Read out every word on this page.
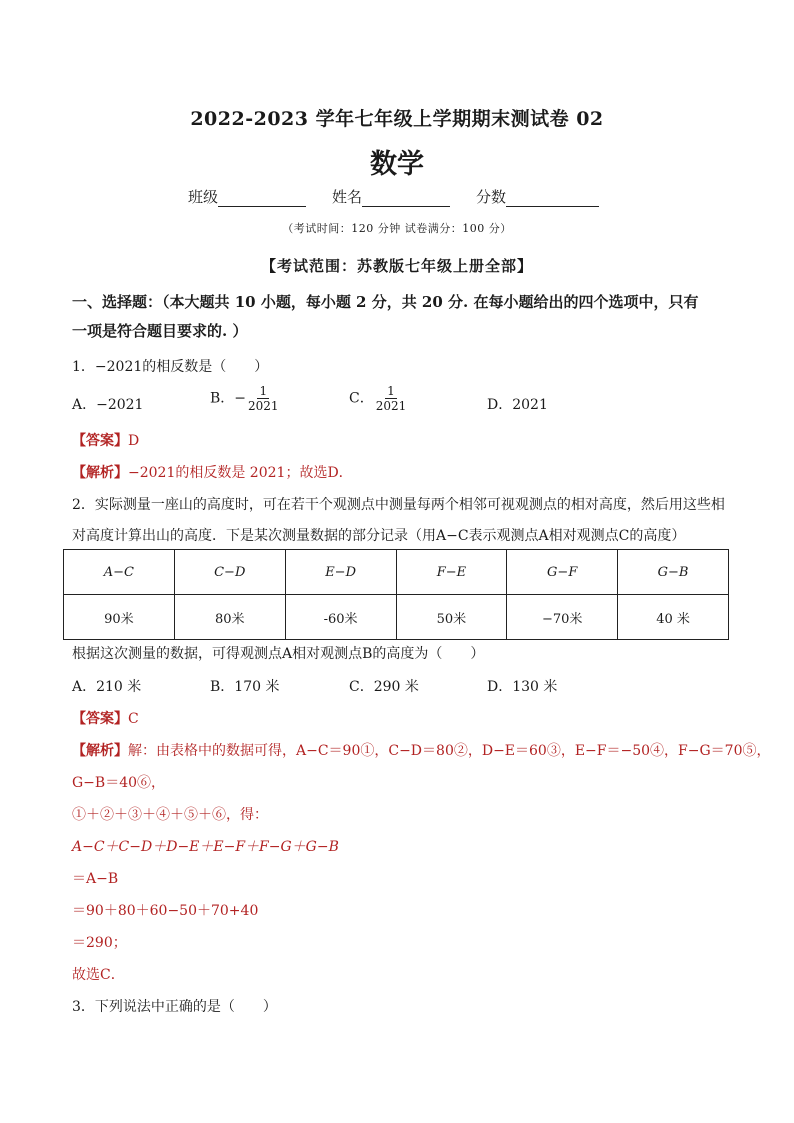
2022-2023 学年七年级上学期期末测试卷 02
数学
班级	姓名	分数
（考试时间：120 分钟 试卷满分：100 分）
【考试范围：苏教版七年级上册全部】
一、选择题：（本大题共 10 小题，每小题 2 分，共 20 分. 在每小题给出的四个选项中，只有
一项是符合题目要求的. ）
1．−2021的相反数是（　　）
A．−2021	B．− $\frac{1}{2021}$	C． $\frac{1}{2021}$	D．2021
【答案】D
【解析】−2021的相反数是 2021；故选D．
2．实际测量一座山的高度时，可在若干个观测点中测量每两个相邻可视观测点的相对高度，然后用这些相
对高度计算出山的高度．下是某次测量数据的部分记录（用A−C表示观测点A相对观测点C的高度）
A−C	C−D	E−D	F−E	G−F	G−B
90米	80米	-60米	50米	−70米	40 米
根据这次测量的数据，可得观测点A相对观测点B的高度为（　　）
A．210 米	B．170 米	C．290 米	D．130 米
【答案】C
【解析】解：由表格中的数据可得，A−C＝90①，C−D＝80②，D−E＝60③，E−F＝−50④，F−G＝70⑤，
G−B＝40⑥，
①＋②＋③＋④＋⑤＋⑥，得：
A−C＋C−D＋D−E＋E−F＋F−G＋G−B
＝A−B
＝90＋80＋60−50＋70+40
＝290；
故选C．
3．下列说法中正确的是（　　）
